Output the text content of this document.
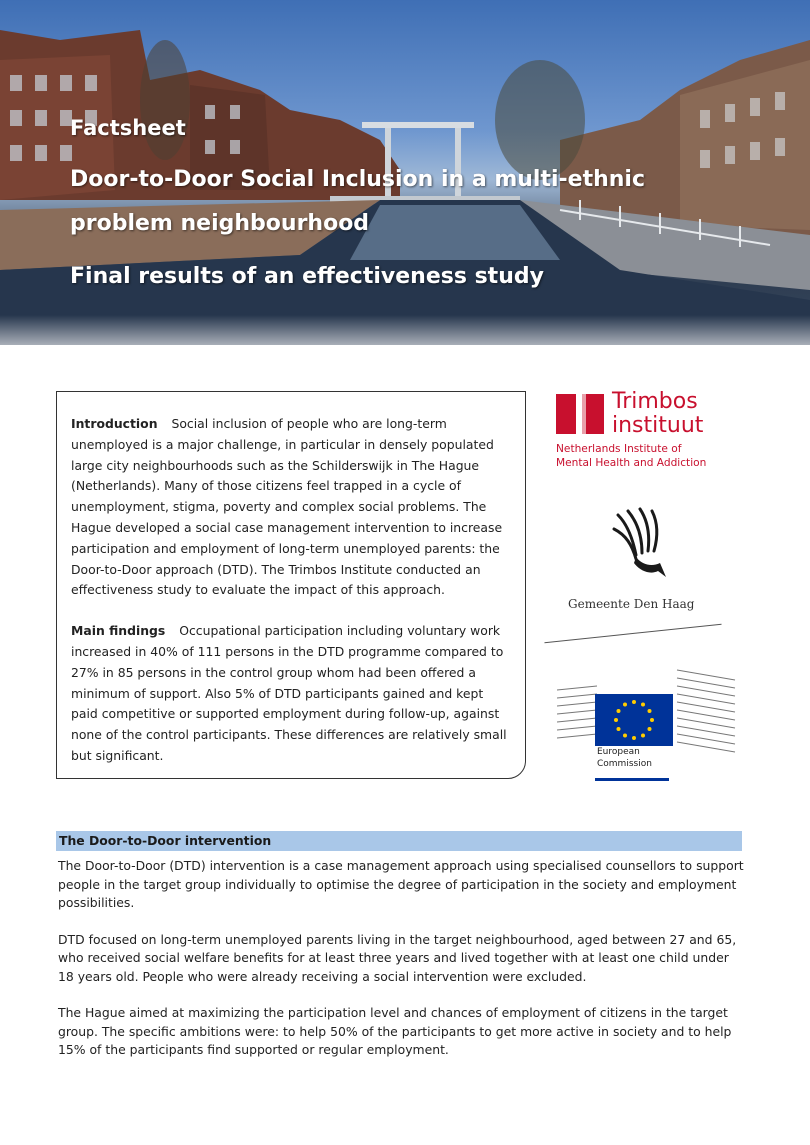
Factsheet
Door-to-Door Social Inclusion in a multi-ethnic
problem neighbourhood
Final results of an effectiveness study

Introduction Social inclusion of people who are long-term unemployed is a major challenge, in particular in densely populated large city neighbourhoods such as the Schilderswijk in The Hague (Netherlands). Many of those citizens feel trapped in a cycle of unemployment, stigma, poverty and complex social problems. The Hague developed a social case management intervention to increase participation and employment of long-term unemployed parents: the Door-to-Door approach (DTD). The Trimbos Institute conducted an effectiveness study to evaluate the impact of this approach.

Main findings Occupational participation including voluntary work increased in 40% of 111 persons in the DTD programme compared to 27% in 85 persons in the control group whom had been offered a minimum of support. Also 5% of DTD participants gained and kept paid competitive or supported employment during follow-up, against none of the control participants. These differences are relatively small but significant.

Trimbos
instituut
Netherlands Institute of
Mental Health and Addiction
Gemeente Den Haag
European
Commission
The Door-to-Door intervention

The Door-to-Door (DTD) intervention is a case management approach using specialised counsellors to support people in the target group individually to optimise the degree of participation in the society and employment possibilities.

DTD focused on long-term unemployed parents living in the target neighbourhood, aged between 27 and 65, who received social welfare benefits for at least three years and lived together with at least one child under 18 years old. People who were already receiving a social intervention were excluded.

The Hague aimed at maximizing the participation level and chances of employment of citizens in the target group. The specific ambitions were: to help 50% of the participants to get more active in society and to help 15% of the participants find supported or regular employment.
